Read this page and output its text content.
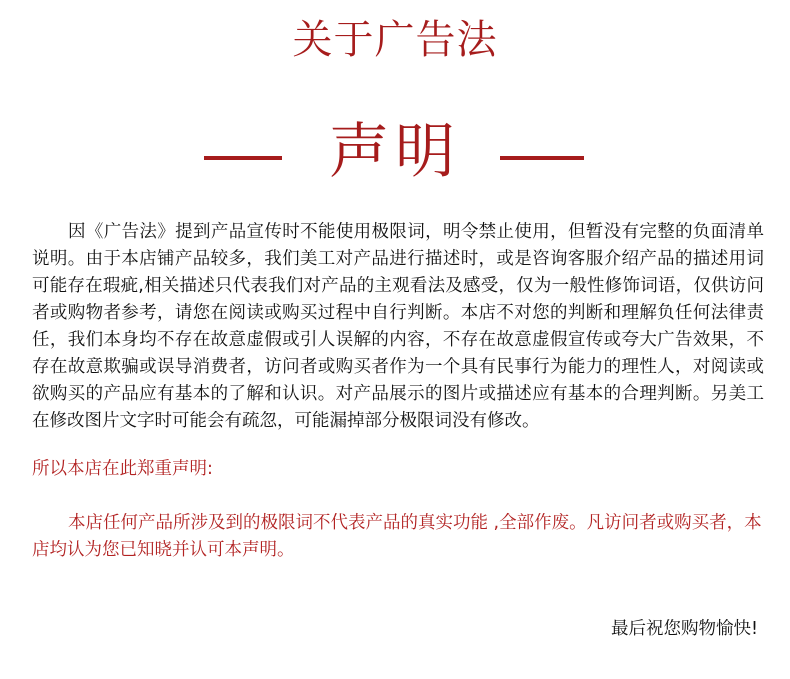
关于广告法
声明

因《广告法》提到产品宣传时不能使用极限词，明令禁止使用，但暂没有完整的负面清单说明。由于本店铺产品较多，我们美工对产品进行描述时，或是咨询客服介绍产品的描述用词可能存在瑕疵,相关描述只代表我们对产品的主观看法及感受，仅为一般性修饰词语，仅供访问者或购物者参考，请您在阅读或购买过程中自行判断。本店不对您的判断和理解负任何法律责任，我们本身均不存在故意虚假或引人误解的内容，不存在故意虚假宣传或夸大广告效果，不存在故意欺骗或误导消费者，访问者或购买者作为一个具有民事行为能力的理性人，对阅读或欲购买的产品应有基本的了解和认识。对产品展示的图片或描述应有基本的合理判断。另美工在修改图片文字时可能会有疏忽，可能漏掉部分极限词没有修改。

所以本店在此郑重声明:

本店任何产品所涉及到的极限词不代表产品的真实功能 ,全部作废。凡访问者或购买者，本店均认为您已知晓并认可本声明。

最后祝您购物愉快!
